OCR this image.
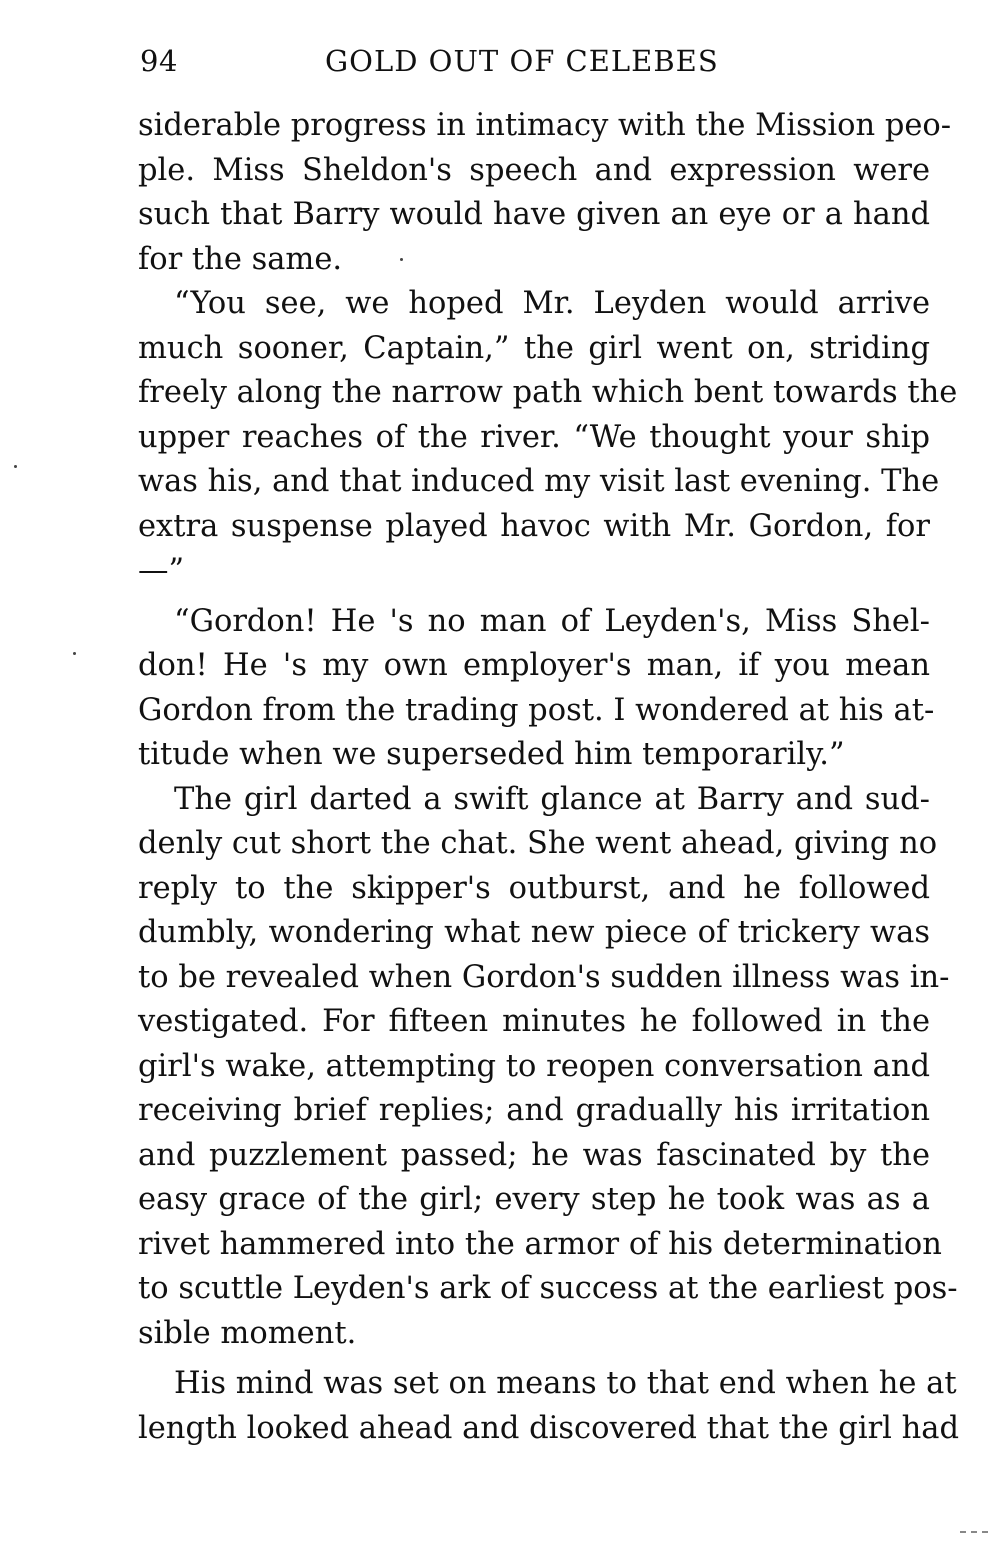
94	GOLD OUT OF CELEBES
siderable progress in intimacy with the Mission peo-
ple. Miss Sheldon's speech and expression were
such that Barry would have given an eye or a hand
for the same.
“You see, we hoped Mr. Leyden would arrive
much sooner, Captain,” the girl went on, striding
freely along the narrow path which bent towards the
upper reaches of the river. “We thought your ship
was his, and that induced my visit last evening. The
extra suspense played havoc with Mr. Gordon, for
—”
“Gordon! He 's no man of Leyden's, Miss Shel-
don! He 's my own employer's man, if you mean
Gordon from the trading post. I wondered at his at-
titude when we superseded him temporarily.”
The girl darted a swift glance at Barry and sud-
denly cut short the chat. She went ahead, giving no
reply to the skipper's outburst, and he followed
dumbly, wondering what new piece of trickery was
to be revealed when Gordon's sudden illness was in-
vestigated. For fifteen minutes he followed in the
girl's wake, attempting to reopen conversation and
receiving brief replies; and gradually his irritation
and puzzlement passed; he was fascinated by the
easy grace of the girl; every step he took was as a
rivet hammered into the armor of his determination
to scuttle Leyden's ark of success at the earliest pos-
sible moment.
His mind was set on means to that end when he at
length looked ahead and discovered that the girl had
